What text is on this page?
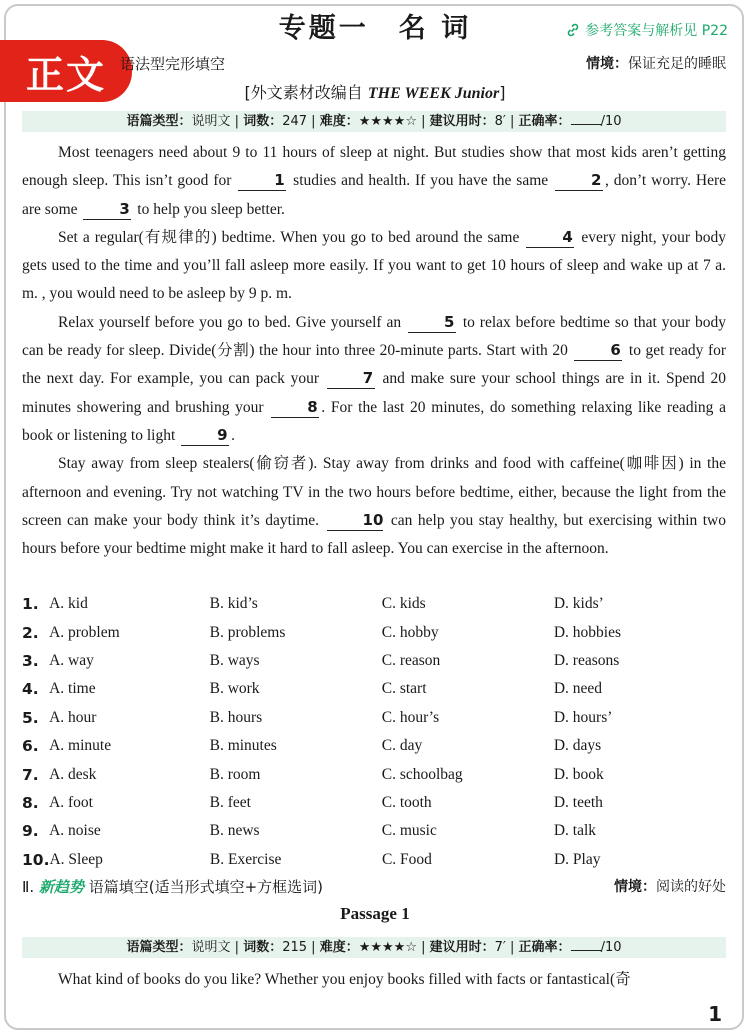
专题一　名 词	参考答案与解析见 P22
正文 语法型完形填空	情境：保证充足的睡眠
[外文素材改编自 THE WEEK Junior]
语篇类型：说明文 | 词数：247 | 难度：★★★★☆ | 建议用时：8′ | 正确率： /10

Most teenagers need about 9 to 11 hours of sleep at night. But studies show that most kids aren’t getting enough sleep. This isn’t good for	1 studies and health. If you have the same	2 , don’t worry. Here are some	3 to help you sleep better.

Set a regular(有规律的) bedtime. When you go to bed around the same	4 every night, your body gets used to the time and you’ll fall asleep more easily. If you want to get 10 hours of sleep and wake up at 7 a. m. , you would need to be asleep by 9 p. m.

Relax yourself before you go to bed. Give yourself an	5 to relax before bedtime so that your body can be ready for sleep. Divide(分割) the hour into three 20-minute parts. Start with 20	6 to get ready for the next day. For example, you can pack your	7 and make sure your school things are in it. Spend 20 minutes showering and brushing your	8 . For the last 20 minutes, do something relaxing like reading a book or listening to light	9 .

Stay away from sleep stealers(偷窃者). Stay away from drinks and food with caffeine(咖啡因) in the afternoon and evening. Try not watching TV in the two hours before bedtime, either, because the light from the screen can make your body think it’s daytime.	10 can help you stay healthy, but exercising within two hours before your bedtime might make it hard to fall asleep. You can exercise in the afternoon.

1. A. kid	B. kid’s	C. kids	D. kids’
2. A. problem	B. problems	C. hobby	D. hobbies
3. A. way	B. ways	C. reason	D. reasons
4. A. time	B. work	C. start	D. need
5. A. hour	B. hours	C. hour’s	D. hours’
6. A. minute	B. minutes	C. day	D. days
7. A. desk	B. room	C. schoolbag	D. book
8. A. foot	B. feet	C. tooth	D. teeth
9. A. noise	B. news	C. music	D. talk
10. A. Sleep	B. Exercise	C. Food	D. Play
Ⅱ. 新趋势 语篇填空(适当形式填空+方框选词)	情境：阅读的好处
Passage 1
语篇类型：说明文 | 词数：215 | 难度：★★★★☆ | 建议用时：7′ | 正确率： /10
What kind of books do you like? Whether you enjoy books filled with facts or fantastical(奇
1
